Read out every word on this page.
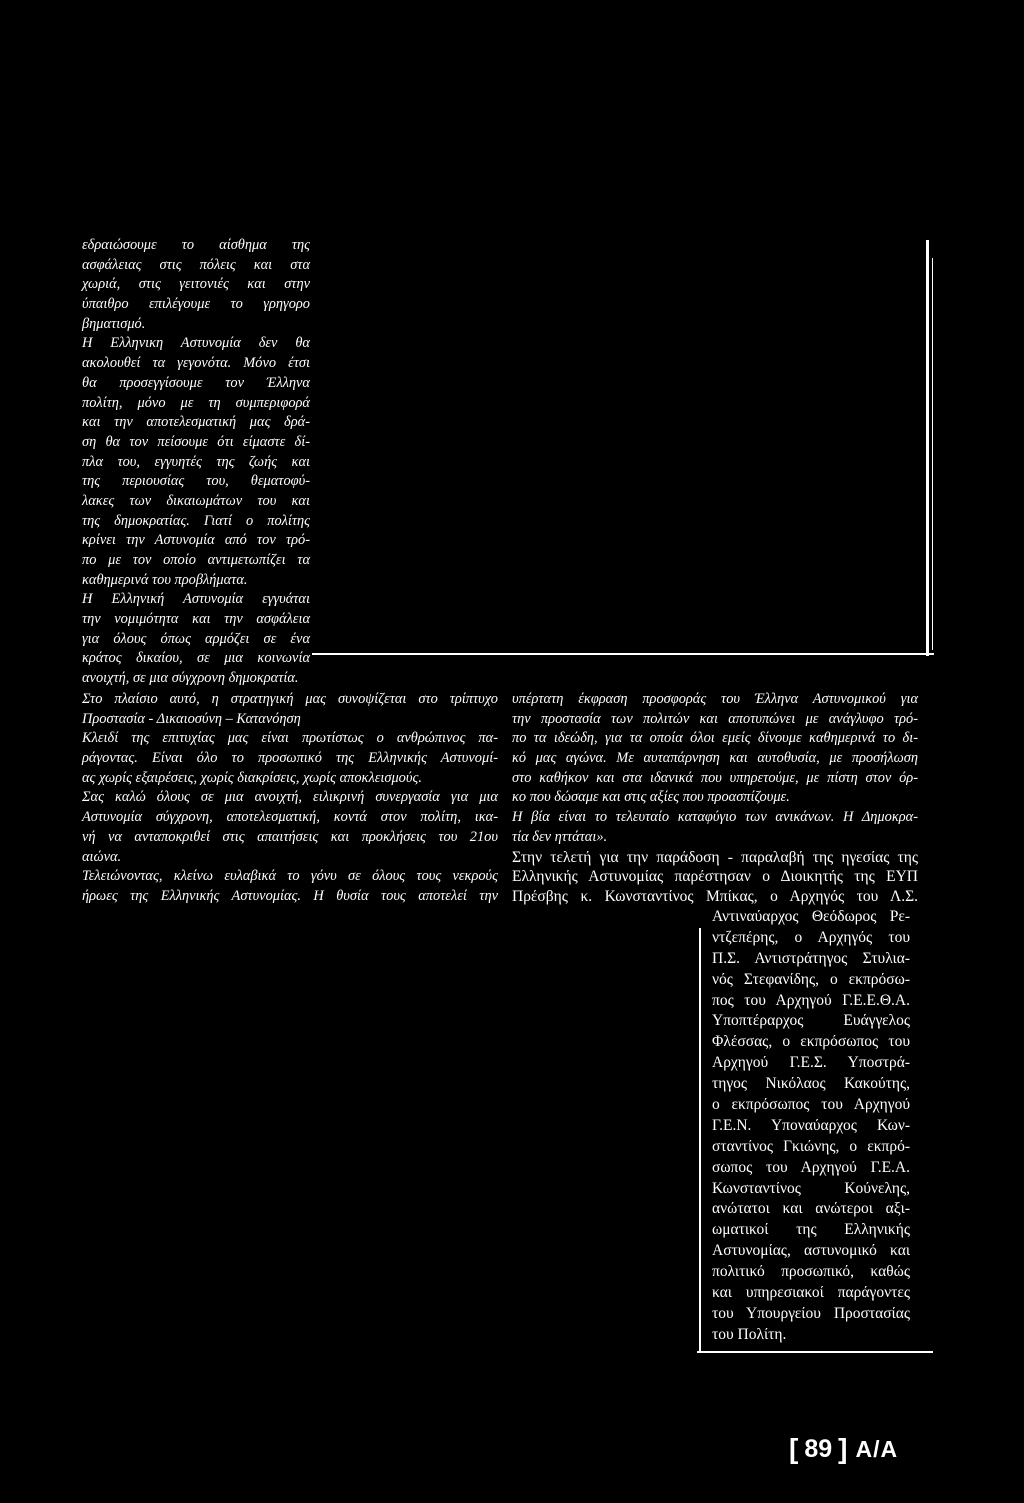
εδραιώσουμε το αίσθημα της
ασφάλειας στις πόλεις και στα
χωριά, στις γειτονιές και στην
ύπαιθρο επιλέγουμε το γρηγορο
βηματισμό.
Η Ελληνικη Αστυνομία δεν θα
ακολουθεί τα γεγονότα. Μόνο έτσι
θα προσεγγίσουμε τον Έλληνα
πολίτη, μόνο με τη συμπεριφορά
και την αποτελεσματική μας δρά-
ση θα τον πείσουμε ότι είμαστε δί-
πλα του, εγγυητές της ζωής και
της περιουσίας του, θεματοφύ-
λακες των δικαιωμάτων του και
της δημοκρατίας. Γιατί ο πολίτης
κρίνει την Αστυνομία από τον τρό-
πο με τον οποίο αντιμετωπίζει τα
καθημερινά του προβλήματα.
Η Ελληνική Αστυνομία εγγυάται
την νομιμότητα και την ασφάλεια
για όλους όπως αρμόζει σε ένα
κράτος δικαίου, σε μια κοινωνία
ανοιχτή, σε μια σύγχρονη δημοκρατία.
Στο πλαίσιο αυτό, η στρατηγική μας συνοψίζεται στο τρίπτυχο
Προστασία - Δικαιοσύνη – Κατανόηση
Κλειδί της επιτυχίας μας είναι πρωτίστως ο ανθρώπινος πα-
ράγοντας. Είναι όλο το προσωπικό της Ελληνικής Αστυνομί-
ας χωρίς εξαιρέσεις, χωρίς διακρίσεις, χωρίς αποκλεισμούς.
Σας καλώ όλους σε μια ανοιχτή, ειλικρινή συνεργασία για μια
Αστυνομία σύγχρονη, αποτελεσματική, κοντά στον πολίτη, ικα-
νή να ανταποκριθεί στις απαιτήσεις και προκλήσεις του 21ου
αιώνα.
Τελειώνοντας, κλείνω ευλαβικά το γόνυ σε όλους τους νεκρούς
ήρωες της Ελληνικής Αστυνομίας. Η θυσία τους αποτελεί την
υπέρτατη έκφραση προσφοράς του Έλληνα Αστυνομικού για
την προστασία των πολιτών και αποτυπώνει με ανάγλυφο τρό-
πο τα ιδεώδη, για τα οποία όλοι εμείς δίνουμε καθημερινά το δι-
κό μας αγώνα. Με αυταπάρνηση και αυτοθυσία, με προσήλωση
στο καθήκον και στα ιδανικά που υπηρετούμε, με πίστη στον όρ-
κο που δώσαμε και στις αξίες που προασπίζουμε.
Η βία είναι το τελευταίο καταφύγιο των ανικάνων. Η Δημοκρα-
τία δεν ηττάται».
Στην τελετή για την παράδοση - παραλαβή της ηγεσίας της
Ελληνικής Αστυνομίας παρέστησαν ο Διοικητής της ΕΥΠ
Πρέσβης κ. Κωνσταντίνος Μπίκας, ο Αρχηγός του Λ.Σ.
Αντιναύαρχος Θεόδωρος Ρε-
ντζεπέρης, ο Αρχηγός του
Π.Σ. Αντιστράτηγος Στυλια-
νός Στεφανίδης, ο εκπρόσω-
πος του Αρχηγού Γ.Ε.Ε.Θ.Α.
Υποπτέραρχος Ευάγγελος
Φλέσσας, ο εκπρόσωπος του
Αρχηγού Γ.Ε.Σ. Υποστρά-
τηγος Νικόλαος Κακούτης,
ο εκπρόσωπος του Αρχηγού
Γ.Ε.Ν. Υποναύαρχος Κων-
σταντίνος Γκιώνης, ο εκπρό-
σωπος του Αρχηγού Γ.Ε.Α.
Κωνσταντίνος Κούνελης,
ανώτατοι και ανώτεροι αξι-
ωματικοί της Ελληνικής
Αστυνομίας, αστυνομικό και
πολιτικό προσωπικό, καθώς
και υπηρεσιακοί παράγοντες
του Υπουργείου Προστασίας
του Πολίτη.
[ 89 ] Α/Α
